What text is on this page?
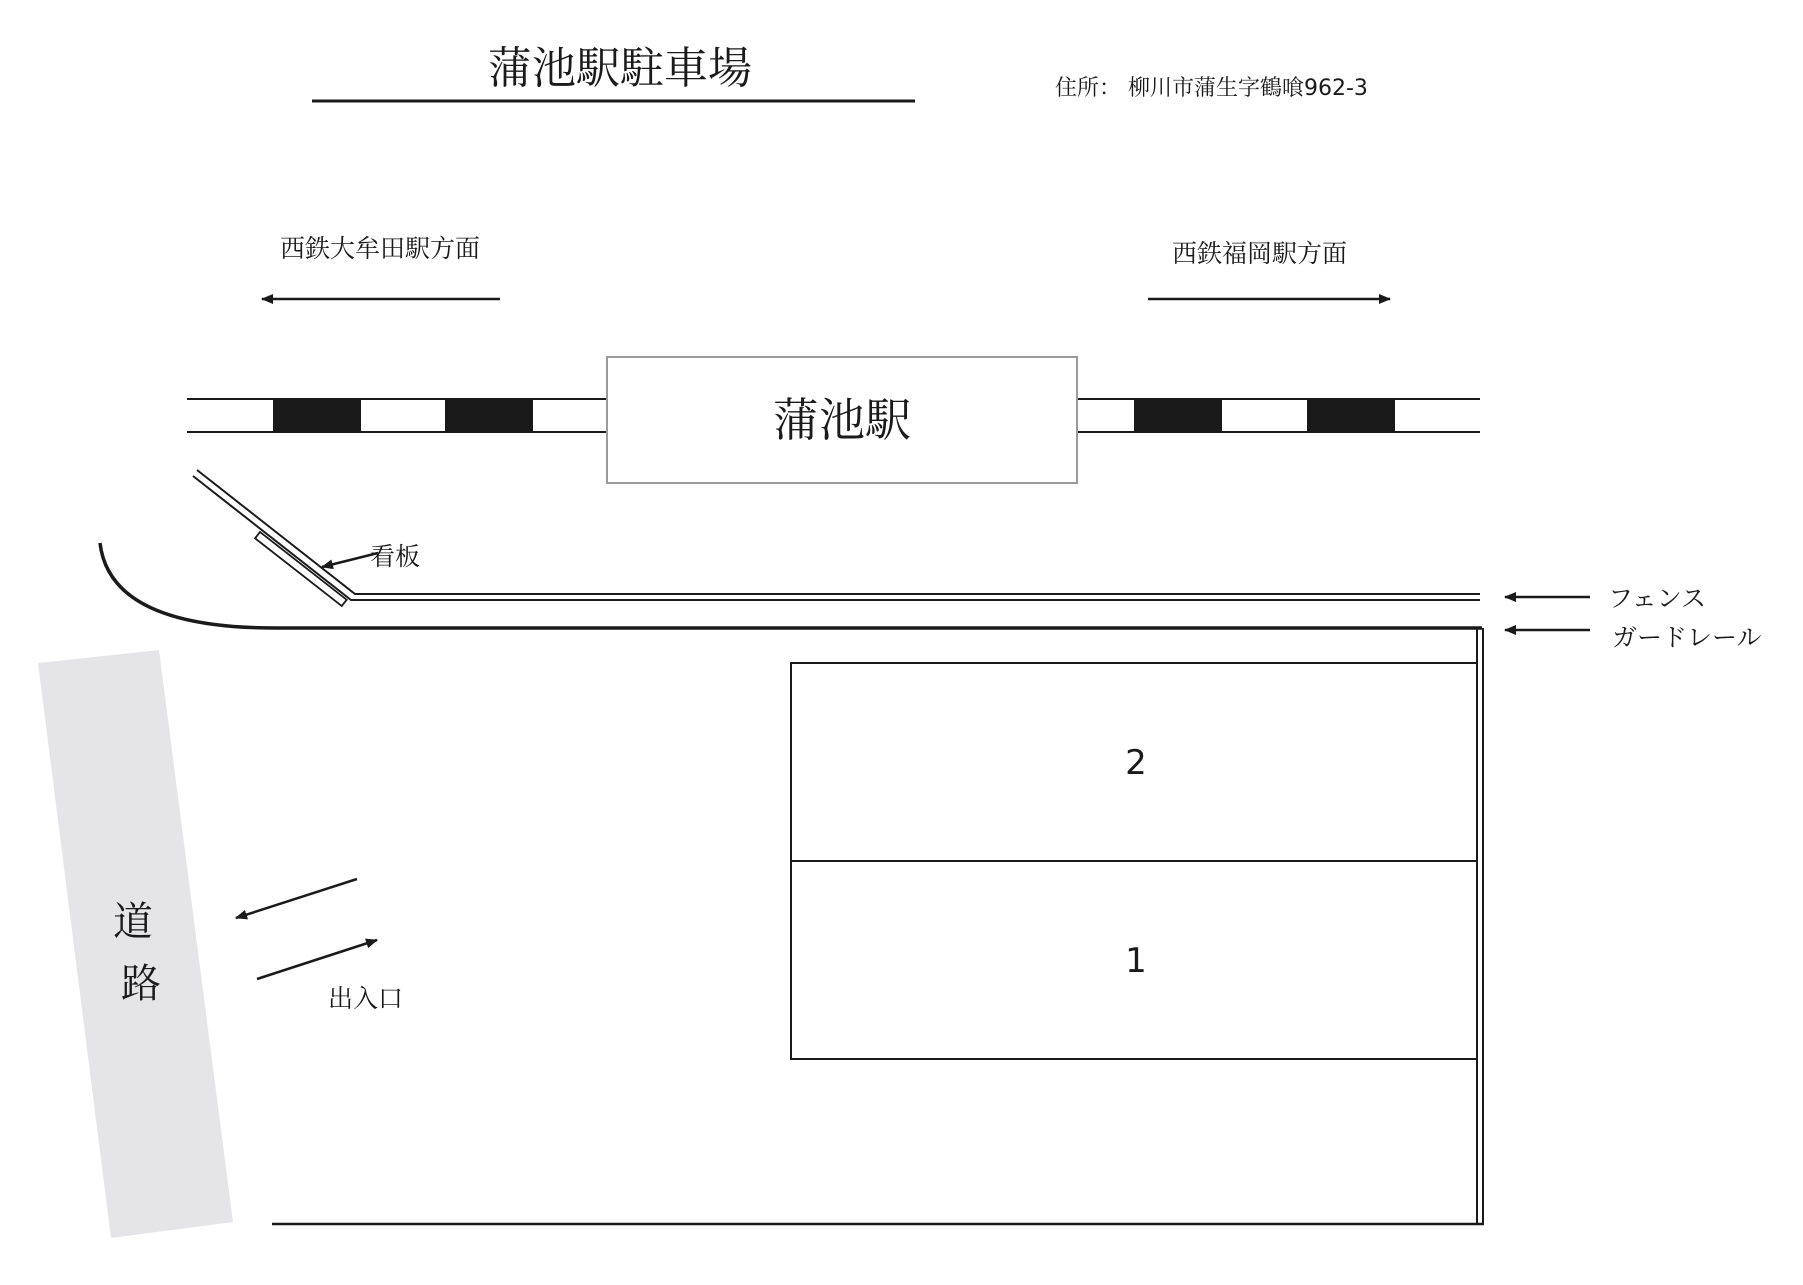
蒲池駅駐車場	住所： 柳川市蒲生字鶴喰962-3
西鉄大牟田駅方面	西鉄福岡駅方面
蒲池駅
看板
フェンス
ガードレール
2
1
道
路	出入口
